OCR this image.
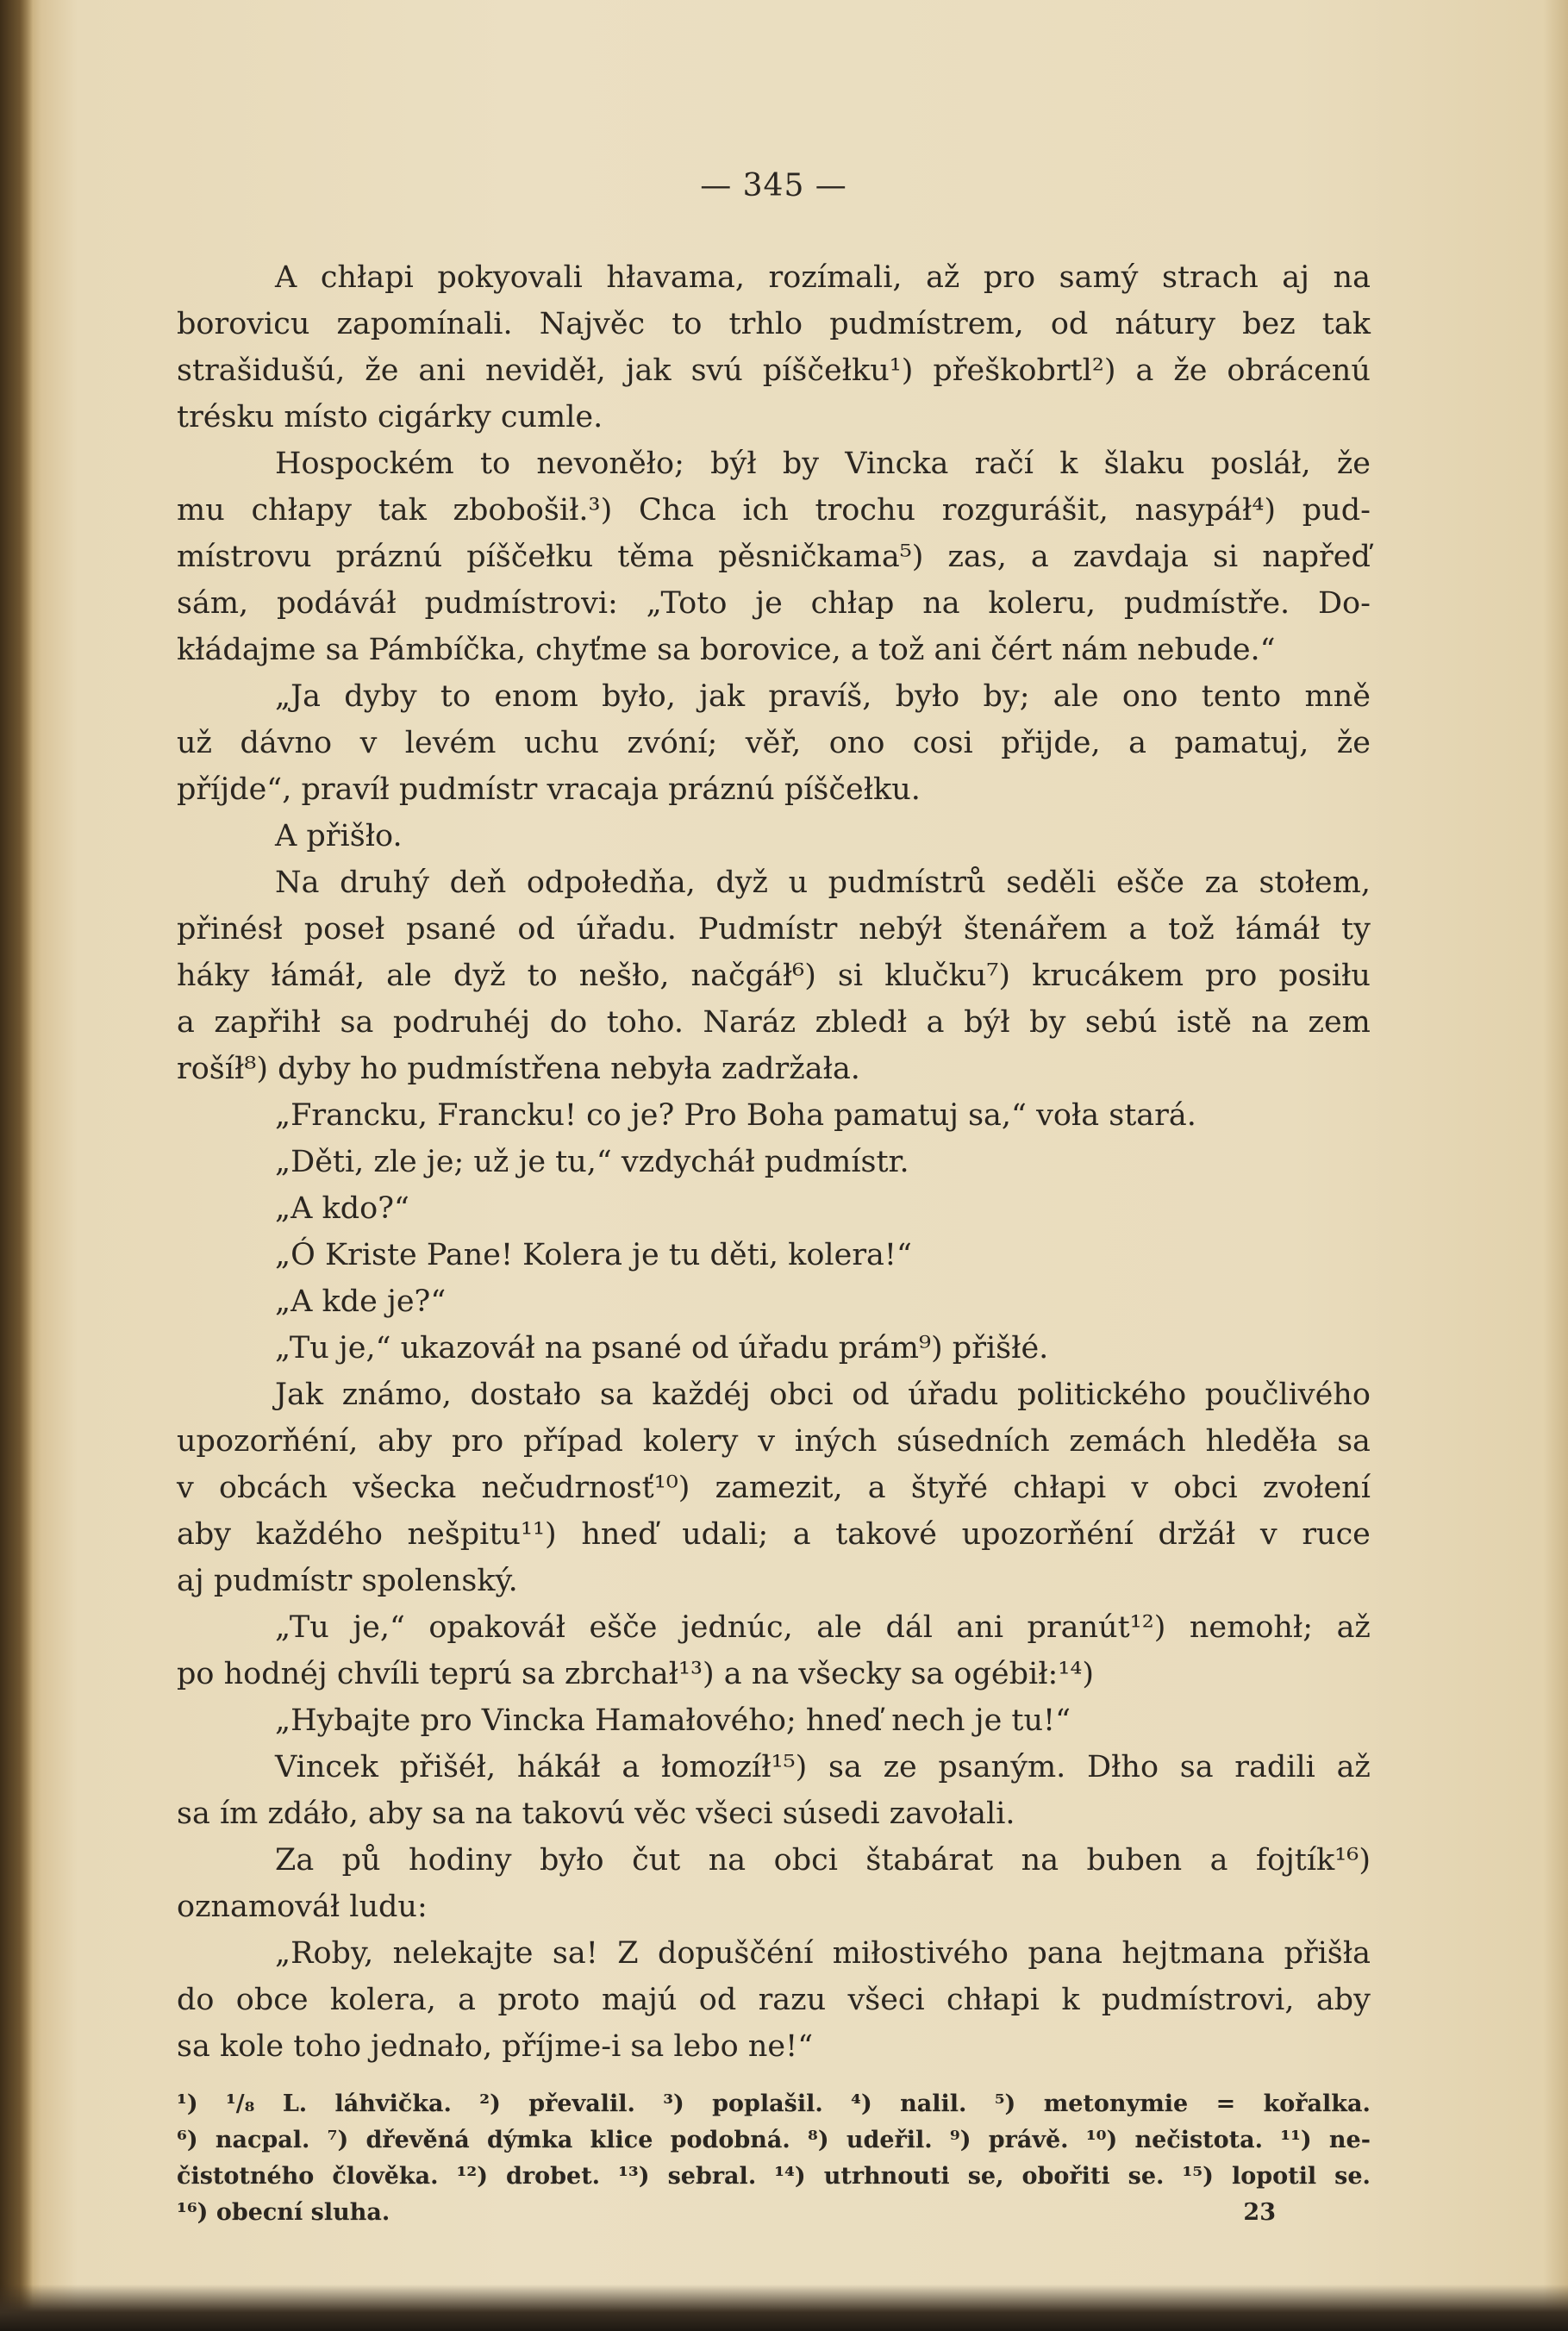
— 345 —
A chłapi pokyovali hłavama, rozímali, až pro samý strach aj na
borovicu zapomínali. Najvěc to trhlo pudmístrem, od nátury bez tak
strašidušú, že ani neviděł, jak svú píščełku¹) přeškobrtl²) a že obrácenú
trésku místo cigárky cumle.
Hospockém to nevoněło; býł by Vincka račí k šlaku posláł, že
mu chłapy tak zbobošił.³) Chca ich trochu rozgurášit, nasypáł⁴) pud-
místrovu práznú píščełku těma pěsničkama⁵) zas, a zavdaja si napřeď
sám, podáváł pudmístrovi: „Toto je chłap na koleru, pudmístře. Do-
kłádajme sa Pámbíčka, chyťme sa borovice, a tož ani čért nám nebude.“
„Ja dyby to enom było, jak pravíš, było by; ale ono tento mně
už dávno v levém uchu zvóní; věř, ono cosi přijde, a pamatuj, že
příjde“, pravíł pudmístr vracaja práznú píščełku.
A přišło.
Na druhý deň odpołedňa, dyž u pudmístrů seděli ešče za stołem,
přinésł poseł psané od úřadu. Pudmístr nebýł štenářem a tož łámáł ty
háky łámáł, ale dyž to nešło, načgáł⁶) si klučku⁷) krucákem pro posiłu
a zapřihł sa podruhéj do toho. Naráz zbledł a býł by sebú istě na zem
rošíł⁸) dyby ho pudmístřena nebyła zadržała.
„Francku, Francku! co je? Pro Boha pamatuj sa,“ voła stará.
„Děti, zle je; už je tu,“ vzdycháł pudmístr.
„A kdo?“
„Ó Kriste Pane! Kolera je tu děti, kolera!“
„A kde je?“
„Tu je,“ ukazováł na psané od úřadu prám⁹) přišłé.
Jak známo, dostało sa každéj obci od úřadu politického poučlivého
upozorňéní, aby pro případ kolery v iných súsedních zemách hleděła sa
v obcách všecka nečudrnosť¹⁰) zamezit, a štyřé chłapi v obci zvołení
aby každého nešpitu¹¹) hneď udali; a takové upozorňéní držáł v ruce
aj pudmístr spolenský.
„Tu je,“ opakováł ešče jednúc, ale dál ani pranút¹²) nemohł; až
po hodnéj chvíli teprú sa zbrchał¹³) a na všecky sa ogébił:¹⁴)
„Hybajte pro Vincka Hamałového; hneď nech je tu!“
Vincek přišéł, hákáł a łomozíł¹⁵) sa ze psaným. Dłho sa radili až
sa ím zdáło, aby sa na takovú věc všeci súsedi zavołali.
Za pů hodiny było čut na obci štabárat na buben a fojtík¹⁶)
oznamováł ludu:
„Roby, nelekajte sa! Z dopuščéní miłostivého pana hejtmana přišła
do obce kolera, a proto majú od razu všeci chłapi k pudmístrovi, aby
sa kole toho jednało, příjme-i sa lebo ne!“
¹) ¹/₈ L. láhvička. ²) převalil. ³) poplašil. ⁴) nalil. ⁵) metonymie = kořalka.
⁶) nacpal. ⁷) dřevěná dýmka klice podobná. ⁸) udeřil. ⁹) právě. ¹⁰) nečistota. ¹¹) ne-
čistotného člověka. ¹²) drobet. ¹³) sebral. ¹⁴) utrhnouti se, obořiti se. ¹⁵) lopotil se.
¹⁶) obecní sluha.	23
